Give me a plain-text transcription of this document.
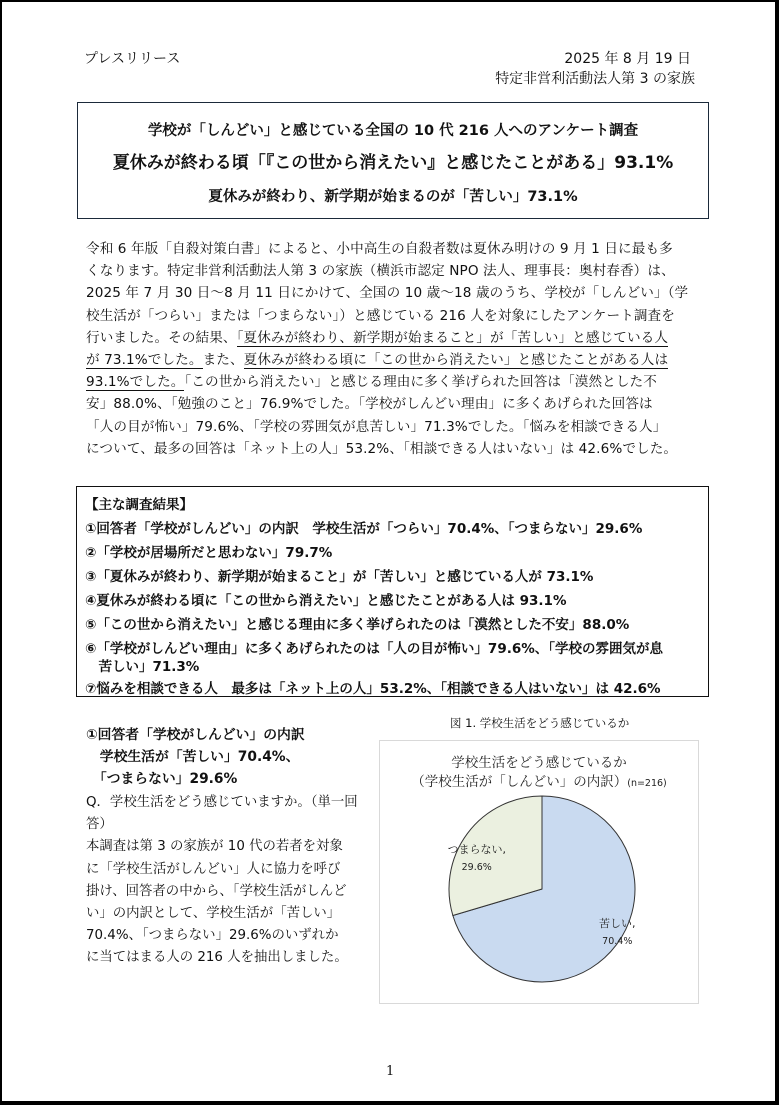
プレスリリース	2025 年 8 月 19 日
特定非営利活動法人第 3 の家族
学校が「しんどい」と感じている全国の 10 代 216 人へのアンケート調査
夏休みが終わる頃「『この世から消えたい』と感じたことがある」93.1%
夏休みが終わり、新学期が始まるのが「苦しい」73.1%
令和 6 年版「自殺対策白書」によると、小中高生の自殺者数は夏休み明けの 9 月 1 日に最も多
くなります。特定非営利活動法人第 3 の家族（横浜市認定 NPO 法人、理事長：奥村春香）は、
2025 年 7 月 30 日～8 月 11 日にかけて、全国の 10 歳～18 歳のうち、学校が「しんどい」（学
校生活が「つらい」または「つまらない」）と感じている 216 人を対象にしたアンケート調査を
行いました。その結果、「夏休みが終わり、新学期が始まること」が「苦しい」と感じている人
が 73.1%でした。また、夏休みが終わる頃に「この世から消えたい」と感じたことがある人は
93.1%でした。「この世から消えたい」と感じる理由に多く挙げられた回答は「漠然とした不
安」88.0%、「勉強のこと」76.9%でした。「学校がしんどい理由」に多くあげられた回答は
「人の目が怖い」79.6%、「学校の雰囲気が息苦しい」71.3%でした。「悩みを相談できる人」
について、最多の回答は「ネット上の人」53.2%、「相談できる人はいない」は 42.6%でした。
【主な調査結果】
①回答者「学校がしんどい」の内訳　学校生活が「つらい」70.4%、「つまらない」29.6%
②「学校が居場所だと思わない」79.7%
③「夏休みが終わり、新学期が始まること」が「苦しい」と感じている人が 73.1%
④夏休みが終わる頃に「この世から消えたい」と感じたことがある人は 93.1%
⑤「この世から消えたい」と感じる理由に多く挙げられたのは「漠然とした不安」88.0%
⑥「学校がしんどい理由」に多くあげられたのは「人の目が怖い」79.6%、「学校の雰囲気が息
　苦しい」71.3%
⑦悩みを相談できる人　最多は「ネット上の人」53.2%、「相談できる人はいない」は 42.6%
①回答者「学校がしんどい」の内訳
　学校生活が「苦しい」70.4%、
　「つまらない」29.6%
Q．学校生活をどう感じていますか。（単一回
答）
本調査は第 3 の家族が 10 代の若者を対象
に「学校生活がしんどい」人に協力を呼び
掛け、回答者の中から、「学校生活がしんど
い」の内訳として、学校生活が「苦しい」
70.4%、「つまらない」29.6%のいずれか
に当てはまる人の 216 人を抽出しました。
図 1. 学校生活をどう感じているか
学校生活をどう感じているか
（学校生活が「しんどい」の内訳）(n=216)
苦しい,
70.4%
つまらない,
29.6%
1
